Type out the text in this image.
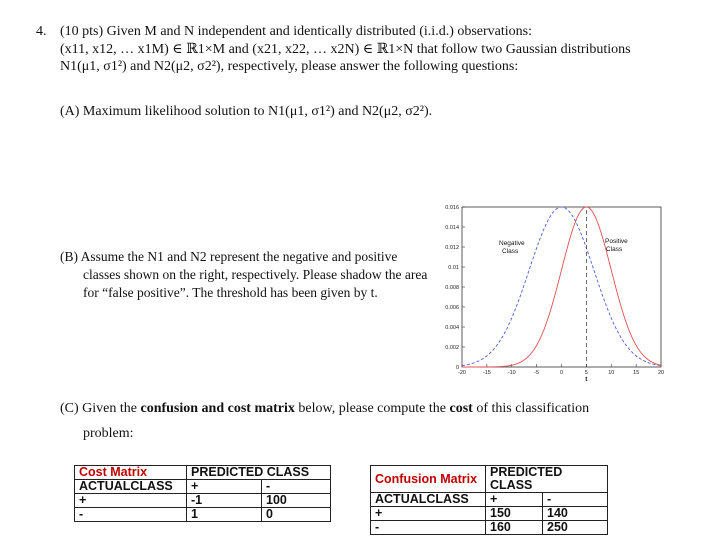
4. (10 pts) Given M and N independent and identically distributed (i.i.d.) observations:
(x11, x12, … x1M) ∈ ℝ1×M and (x21, x22, … x2N) ∈ ℝ1×N that follow two Gaussian distributions
N1(μ1, σ1²) and N2(μ2, σ2²), respectively, please answer the following questions:
(A) Maximum likelihood solution to N1(μ1, σ1²) and N2(μ2, σ2²).
(B) Assume the N1 and N2 represent the negative and positive
classes shown on the right, respectively. Please shadow the area
for “false positive”. The threshold has been given by t.
0
0.002
0.004
0.006
0.008
0.01
0.012
0.014
0.016
-20	-15	-10	-5	0	5	10	15	20
Negative
Class
Positive
Class
t
(C) Given the confusion and cost matrix below, please compute the cost of this classification
problem:
Cost Matrix	PREDICTED CLASS	
ACTUALCLASS	+	-
+	-1	100
-	1	0
Confusion Matrix	PREDICTED CLASS	
ACTUALCLASS	+	-
+	150	140
-	160	250
